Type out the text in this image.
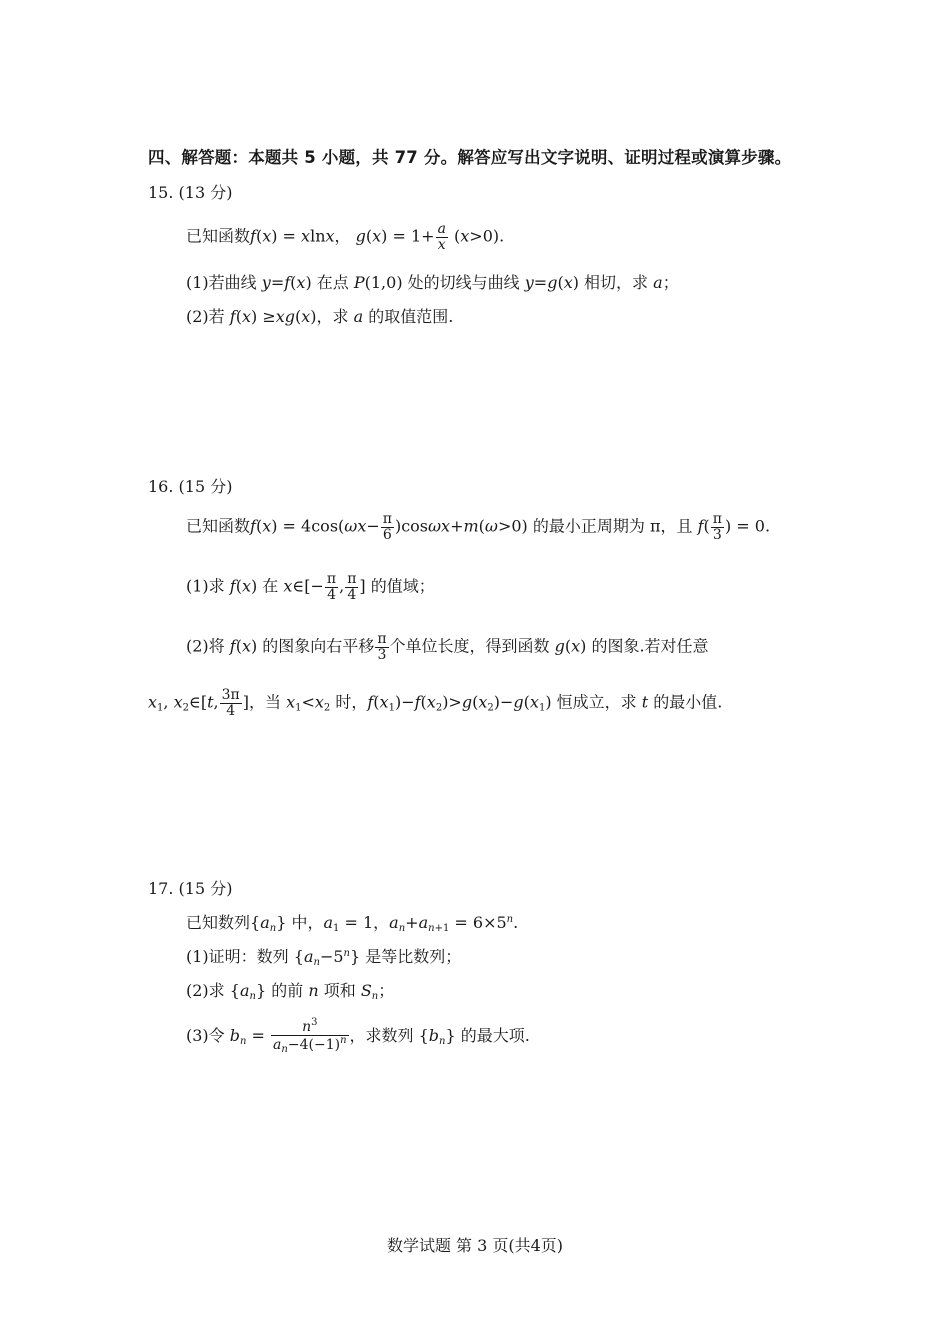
四、解答题：本题共 5 小题，共 77 分。解答应写出文字说明、证明过程或演算步骤。
15. (13 分)
已知函数f(x) = xlnx， $g(x) = 1+ \frac{a}{x} (x>0)$.
(1)若曲线 y=f(x) 在点 P(1,0) 处的切线与曲线 y=g(x) 相切，求 a；
(2)若 f(x) ≥xg(x)，求 a 的取值范围.
16. (15 分)
已知函数$f(x) = 4\cos(\omega x- \frac{\pi}{6} )\cos\omega x+m(\omega>0)$ 的最小正周期为 π，且 $f( \frac{\pi}{3}$ ) = 0.
(1)求 f(x) 在 x∈[− $\frac{\pi}{4}$ , $\frac{\pi}{4}$ ] 的值域；
(2)将 f(x) 的图象向右平移 $\frac{\pi}{3}$ 个单位长度，得到函数 g(x) 的图象.若对任意
$x_1$, $x_2\in[t$, $\frac{3\pi}{4}$ ]，当 $x_1<x_2$ 时，$f(x_1)-f(x_2)>g(x_2)-g(x_1)$ 恒成立，求 t 的最小值.
17. (15 分)
已知数列$\{a_n\}$ 中，$a_1 = 1$，$a_n+a_{n+1} = 6\times 5^n$.
(1)证明：数列 $\{a_n-5^n\}$ 是等比数列；
(2)求 $\{a_n\}$ 的前 n 项和 $S_n$；
(3)令 $b_n = \frac{n^3}{a_n-4(-1)^n}$ ，求数列 $\{b_n\}$ 的最大项.
数学试题 第 3 页(共4页)
